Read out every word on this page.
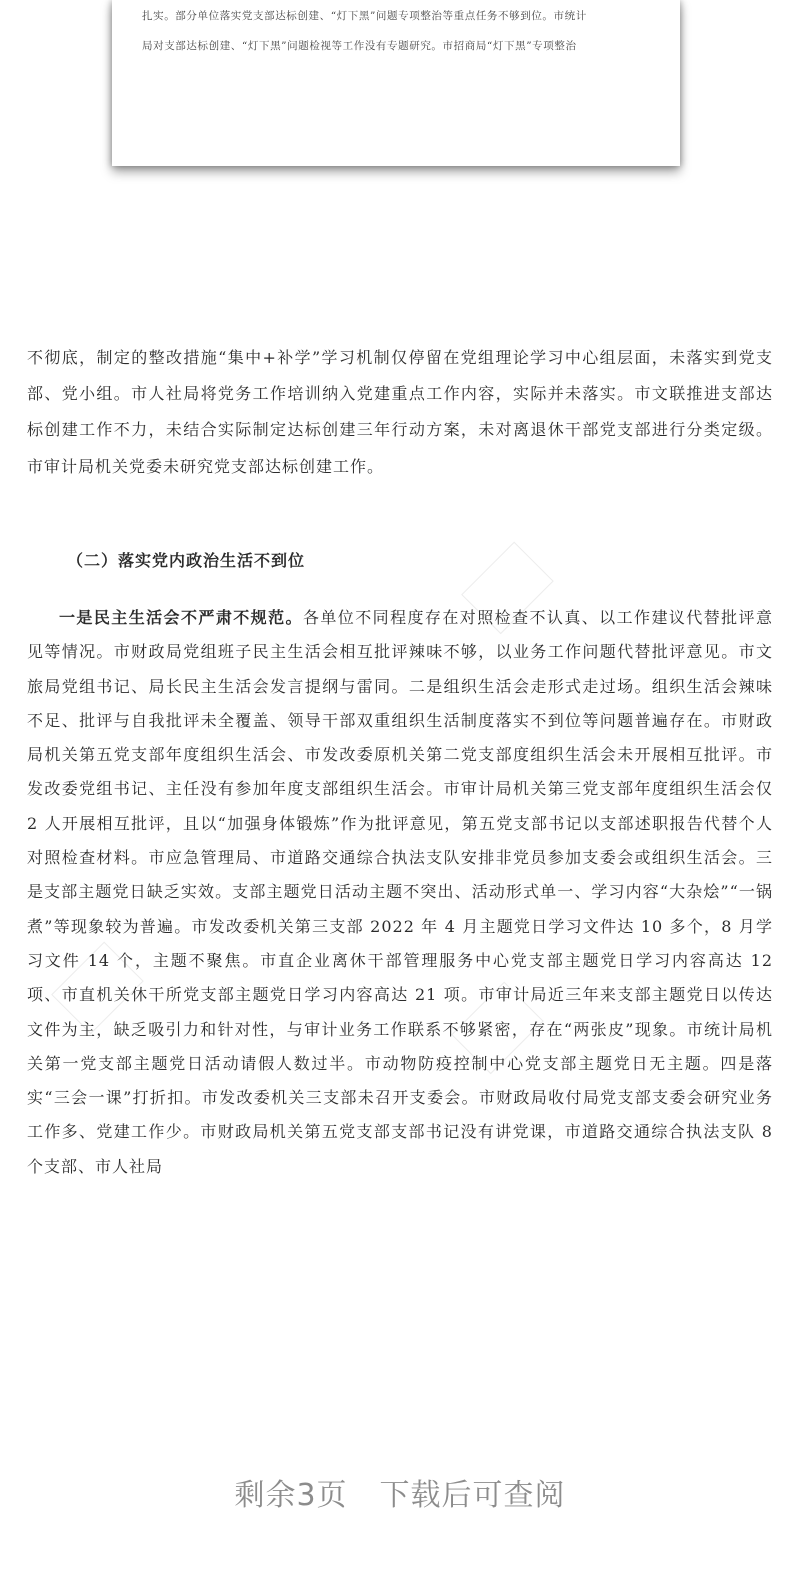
扎实。部分单位落实党支部达标创建、“灯下黑”问题专项整治等重点任务不够到位。市统计
局对支部达标创建、“灯下黑”问题检视等工作没有专题研究。市招商局“灯下黑”专项整治

不彻底，制定的整改措施“集中+补学”学习机制仅停留在党组理论学习中心组层面，未落实到党支部、党小组。市人社局将党务工作培训纳入党建重点工作内容，实际并未落实。市文联推进支部达标创建工作不力，未结合实际制定达标创建三年行动方案，未对离退休干部党支部进行分类定级。市审计局机关党委未研究党支部达标创建工作。

（二）落实党内政治生活不到位
一是民主生活会不严肃不规范。各单位不同程度存在对照检查不认真、以工作建议代替批评意见等情况。市财政局党组班子民主生活会相互批评辣味不够，以业务工作问题代替批评意见。市文旅局党组书记、局长民主生活会发言提纲与雷同。二是组织生活会走形式走过场。组织生活会辣味不足、批评与自我批评未全覆盖、领导干部双重组织生活制度落实不到位等问题普遍存在。市财政局机关第五党支部年度组织生活会、市发改委原机关第二党支部度组织生活会未开展相互批评。市发改委党组书记、主任没有参加年度支部组织生活会。市审计局机关第三党支部年度组织生活会仅 2 人开展相互批评，且以“加强身体锻炼”作为批评意见，第五党支部书记以支部述职报告代替个人对照检查材料。市应急管理局、市道路交通综合执法支队安排非党员参加支委会或组织生活会。三是支部主题党日缺乏实效。支部主题党日活动主题不突出、活动形式单一、学习内容“大杂烩”“一锅煮”等现象较为普遍。市发改委机关第三支部 2022 年 4 月主题党日学习文件达 10 多个，8 月学习文件 14 个，主题不聚焦。市直企业离休干部管理服务中心党支部主题党日学习内容高达 12 项、市直机关休干所党支部主题党日学习内容高达 21 项。市审计局近三年来支部主题党日以传达文件为主，缺乏吸引力和针对性，与审计业务工作联系不够紧密，存在“两张皮”现象。市统计局机关第一党支部主题党日活动请假人数过半。市动物防疫控制中心党支部主题党日无主题。四是落实“三会一课”打折扣。市发改委机关三支部未召开支委会。市财政局收付局党支部支委会研究业务工作多、党建工作少。市财政局机关第五党支部支部书记没有讲党课，市道路交通综合执法支队 8 个支部、市人社局
剩余3页 下载后可查阅
